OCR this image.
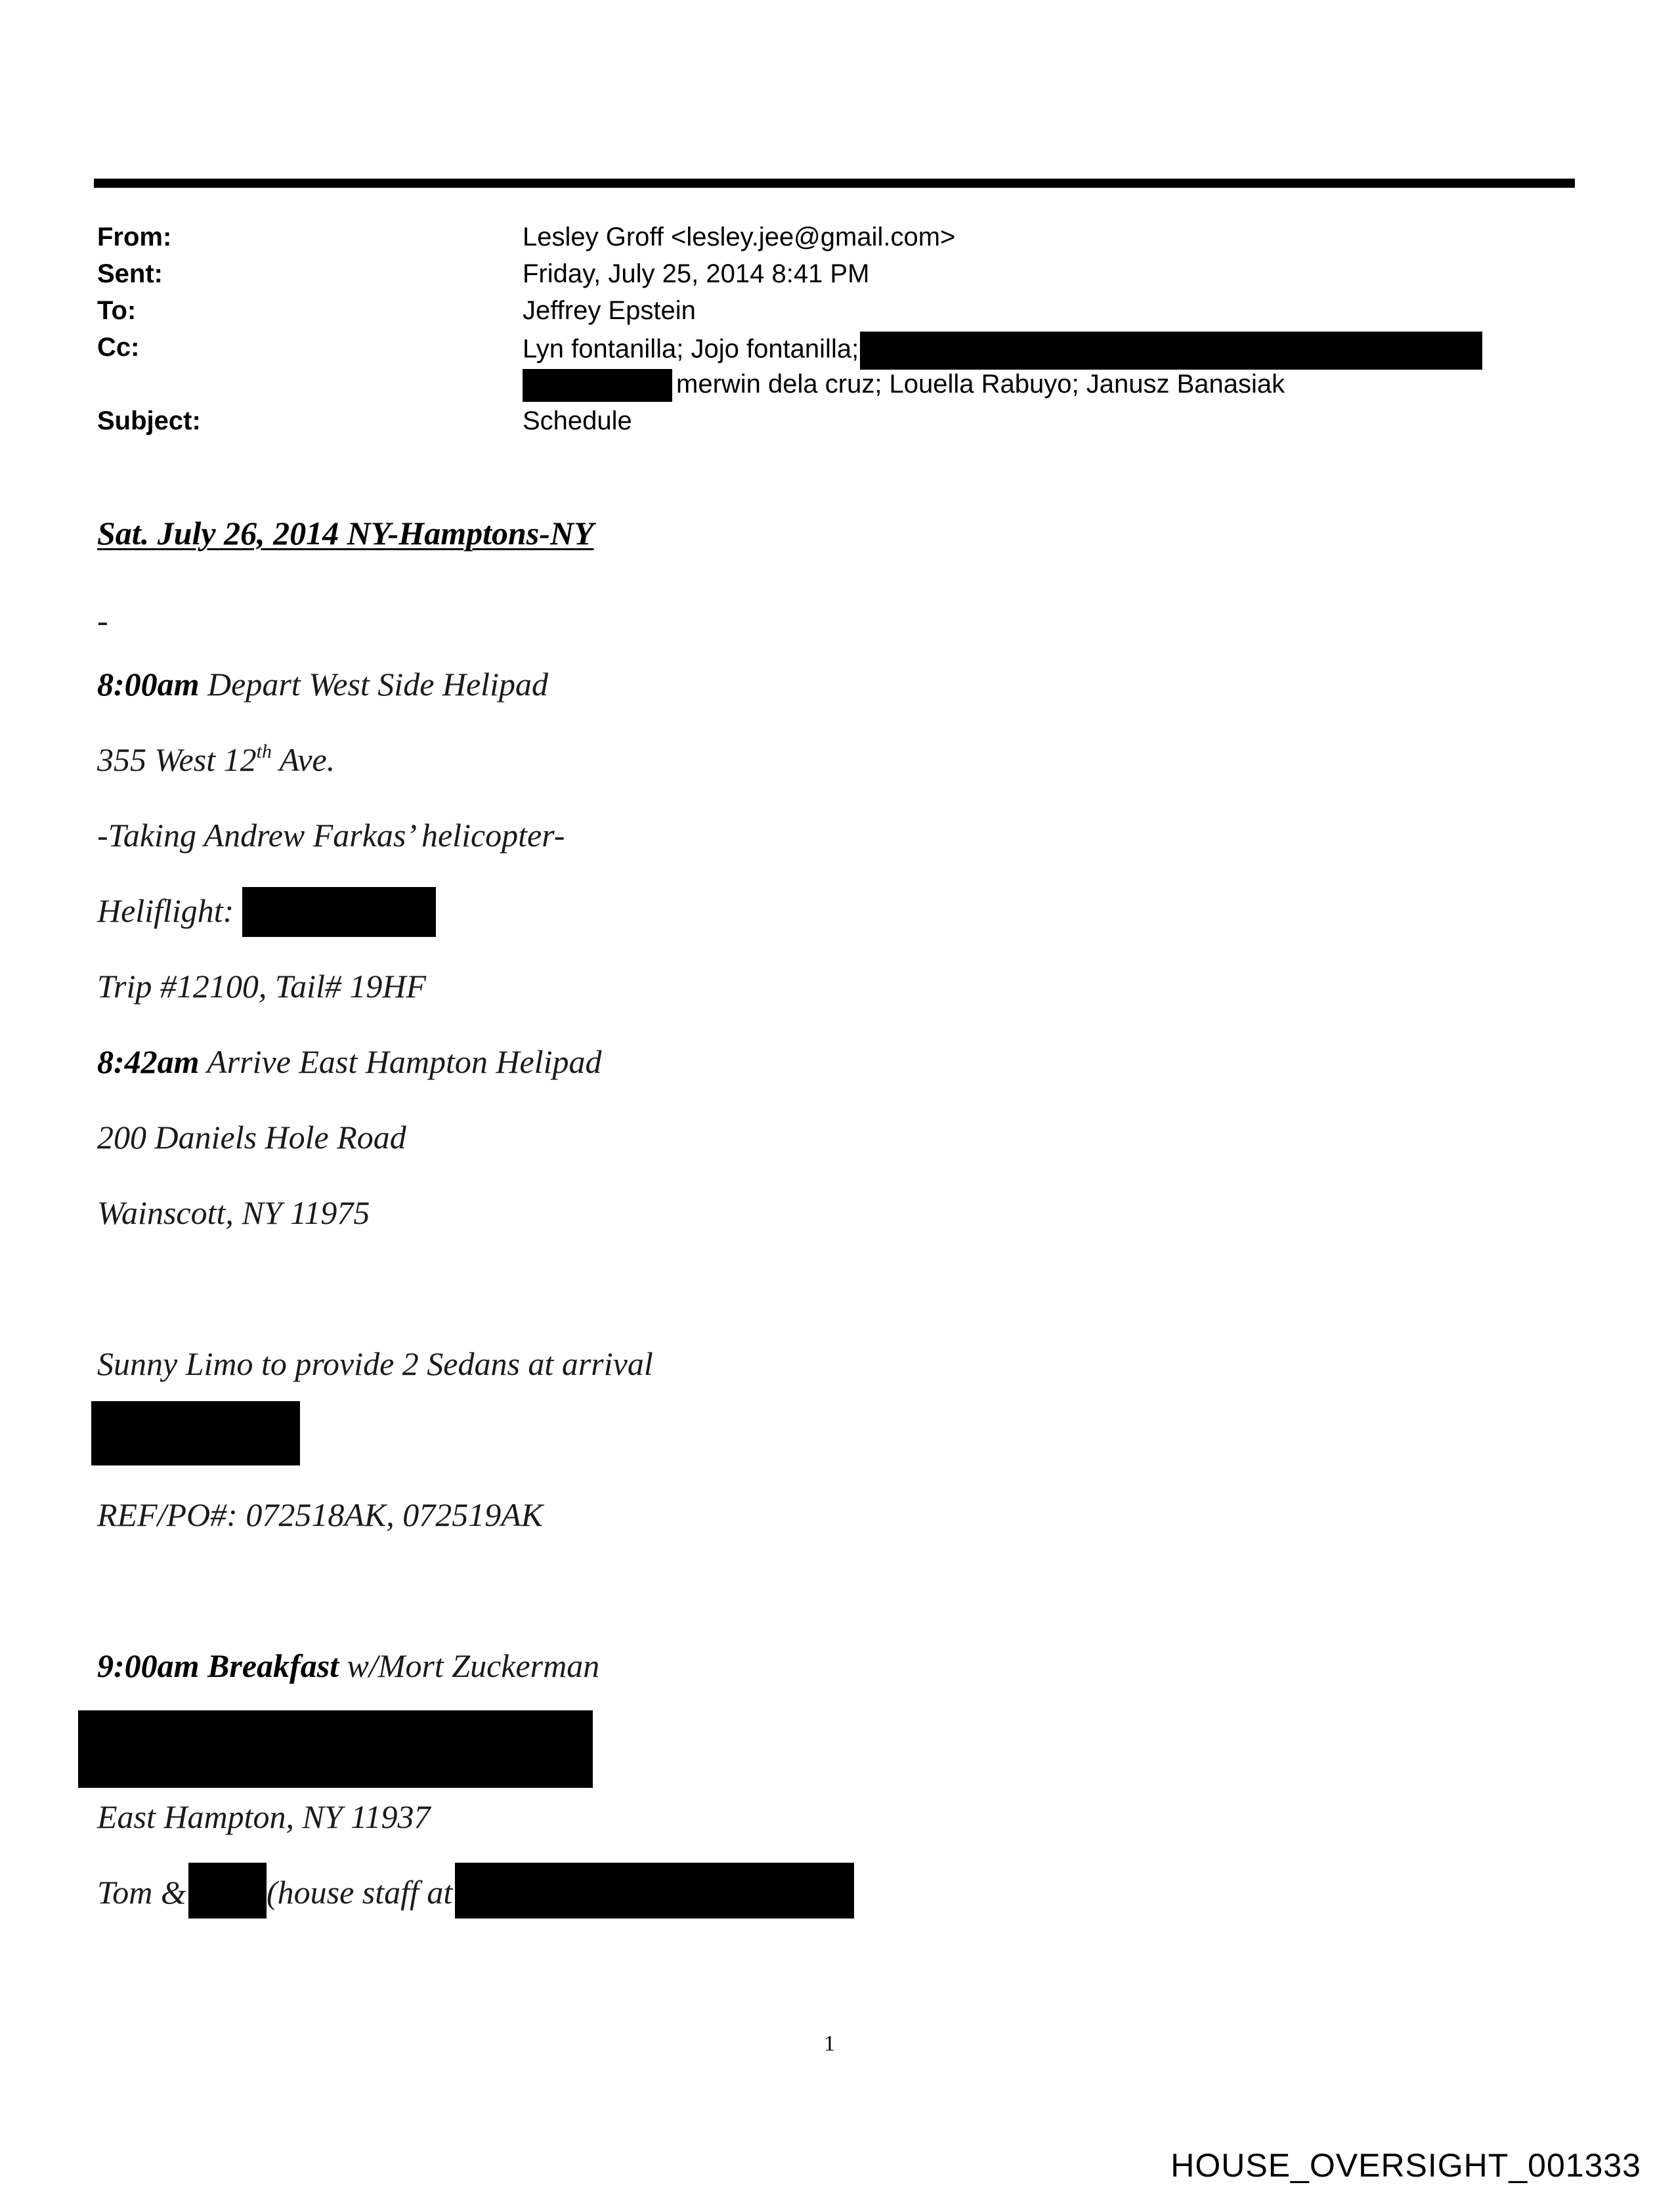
From:	Lesley Groff <lesley.jee@gmail.com>
Sent:	Friday, July 25, 2014 8:41 PM
To:	Jeffrey Epstein
Cc:	Lyn fontanilla; Jojo fontanilla;
merwin dela cruz; Louella Rabuyo; Janusz Banasiak
Subject:	Schedule
Sat. July 26, 2014 NY-Hamptons-NY
-
8:00am Depart West Side Helipad
355 West 12th Ave.
-Taking Andrew Farkas’ helicopter-
Heliflight:
Trip #12100, Tail# 19HF
8:42am Arrive East Hampton Helipad
200 Daniels Hole Road
Wainscott, NY 11975
Sunny Limo to provide 2 Sedans at arrival
REF/PO#: 072518AK, 072519AK
9:00am Breakfast w/Mort Zuckerman
East Hampton, NY 11937
Tom & (house staff at
1
HOUSE_OVERSIGHT_001333
